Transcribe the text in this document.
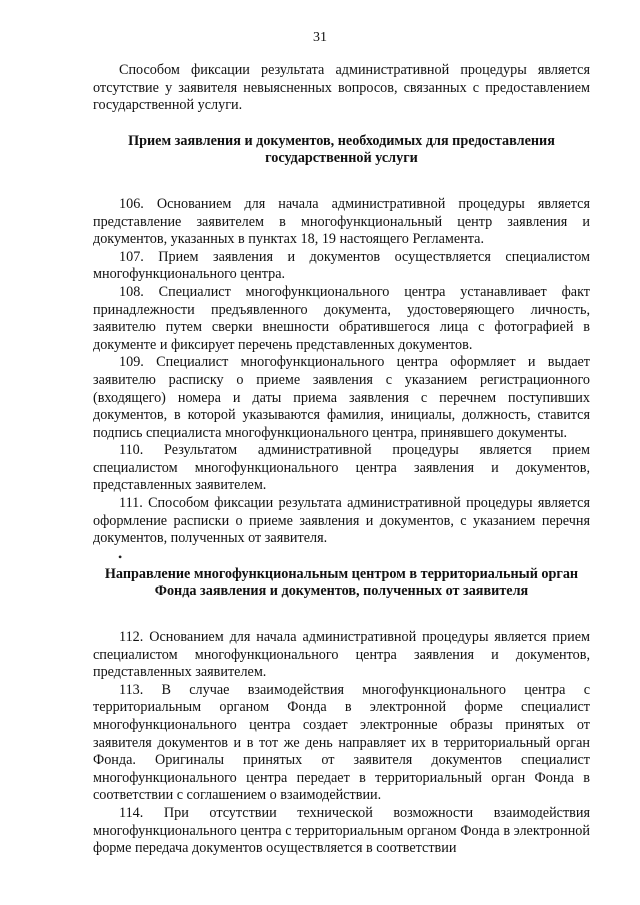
31

Способом фиксации результата административной процедуры является отсутствие у заявителя невыясненных вопросов, связанных с предоставлением государственной услуги.

Прием заявления и документов, необходимых для предоставления государственной услуги

106. Основанием для начала административной процедуры является представление заявителем в многофункциональный центр заявления и документов, указанных в пунктах 18, 19 настоящего Регламента.

107. Прием заявления и документов осуществляется специалистом многофункционального центра.

108. Специалист многофункционального центра устанавливает факт принадлежности предъявленного документа, удостоверяющего личность, заявителю путем сверки внешности обратившегося лица с фотографией в документе и фиксирует перечень представленных документов.

109. Специалист многофункционального центра оформляет и выдает заявителю расписку о приеме заявления с указанием регистрационного (входящего) номера и даты приема заявления с перечнем поступивших документов, в которой указываются фамилия, инициалы, должность, ставится подпись специалиста многофункционального центра, принявшего документы.

110. Результатом административной процедуры является прием специалистом многофункционального центра заявления и документов, представленных заявителем.

111. Способом фиксации результата административной процедуры является оформление расписки о приеме заявления и документов, с указанием перечня документов, полученных от заявителя.

Направление многофункциональным центром в территориальный орган Фонда заявления и документов, полученных от заявителя

112. Основанием для начала административной процедуры является прием специалистом многофункционального центра заявления и документов, представленных заявителем.

113. В случае взаимодействия многофункционального центра с территориальным органом Фонда в электронной форме специалист многофункционального центра создает электронные образы принятых от заявителя документов и в тот же день направляет их в территориальный орган Фонда. Оригиналы принятых от заявителя документов специалист многофункционального центра передает в территориальный орган Фонда в соответствии с соглашением о взаимодействии.

114. При отсутствии технической возможности взаимодействия многофункционального центра с территориальным органом Фонда в электронной форме передача документов осуществляется в соответствии

•
